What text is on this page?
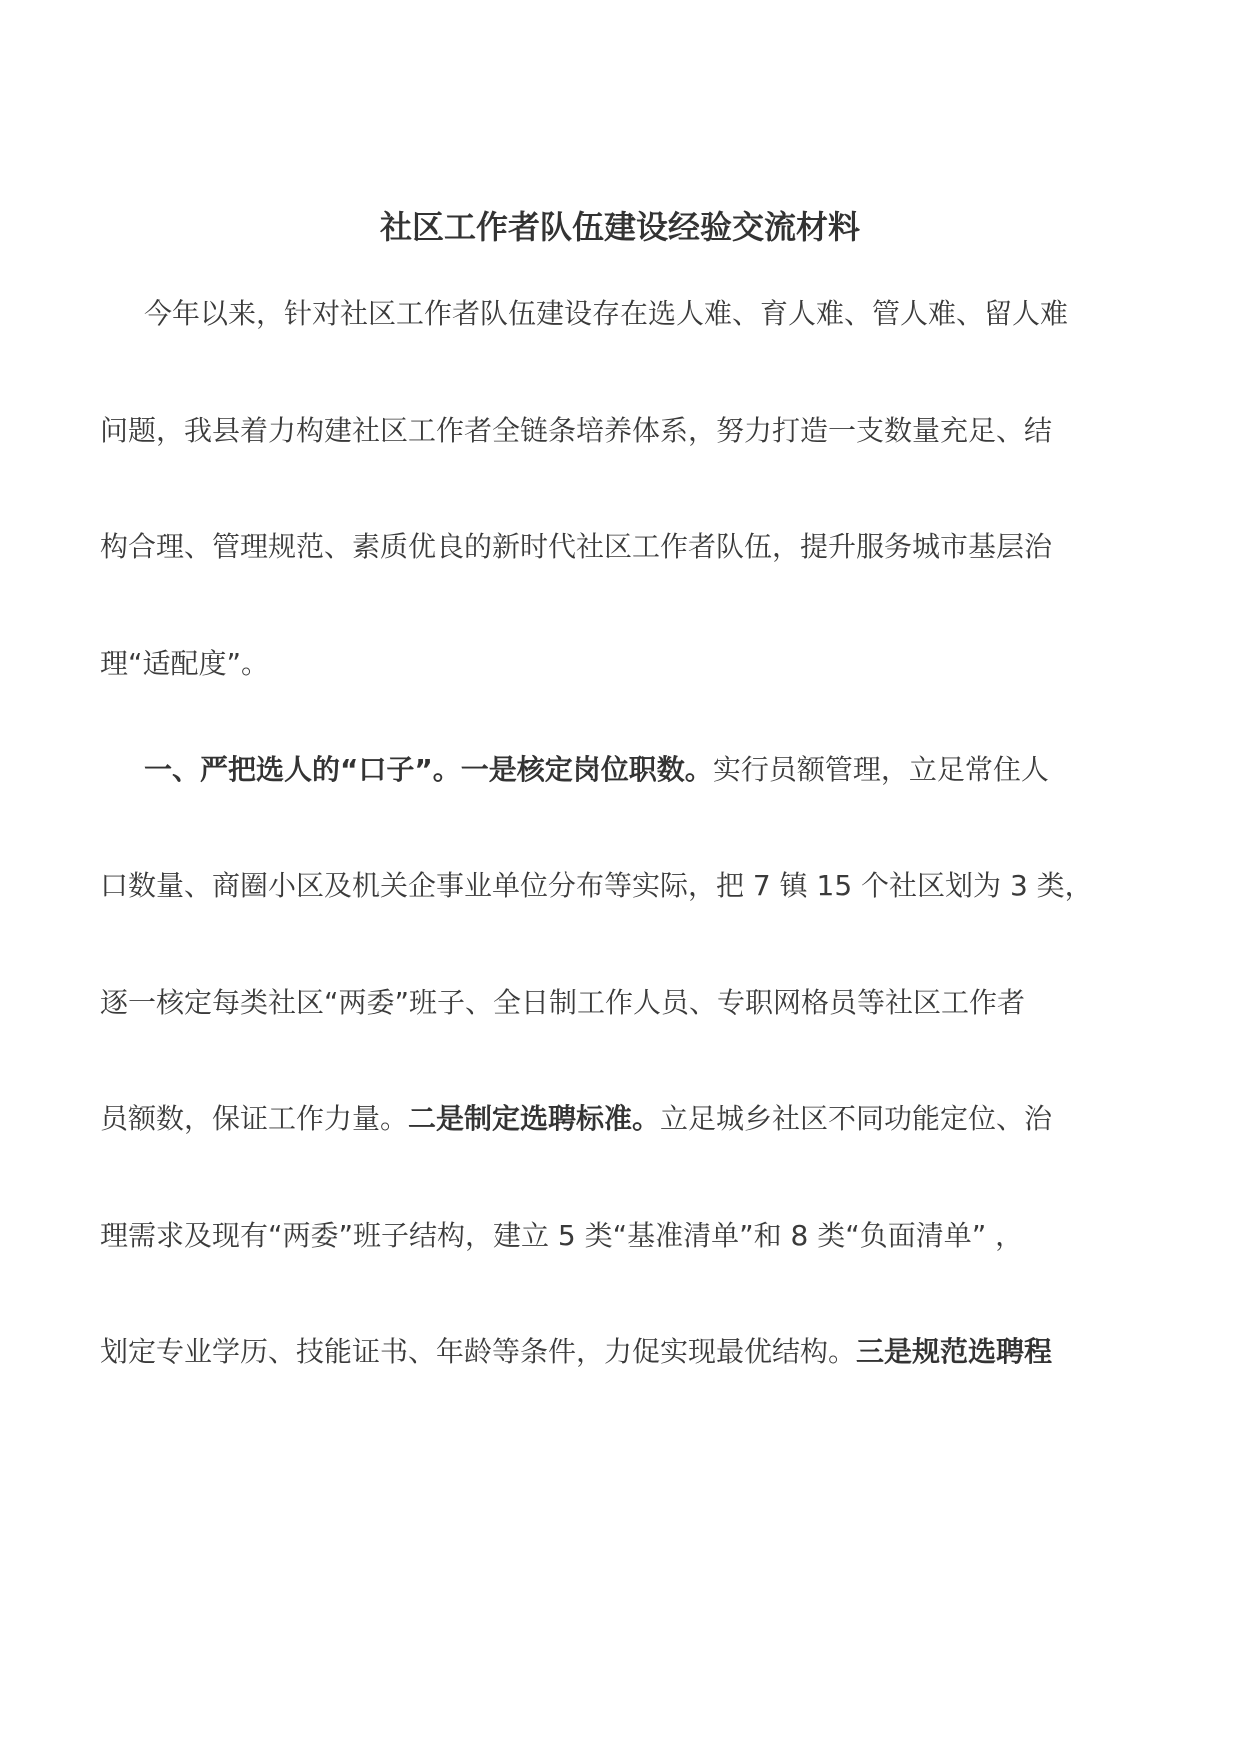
社区工作者队伍建设经验交流材料
今年以来，针对社区工作者队伍建设存在选人难、育人难、管人难、留人难
问题，我县着力构建社区工作者全链条培养体系，努力打造一支数量充足、结
构合理、管理规范、素质优良的新时代社区工作者队伍，提升服务城市基层治
理“适配度”。
一、严把选人的“口子”。一是核定岗位职数。实行员额管理，立足常住人
口数量、商圈小区及机关企事业单位分布等实际，把 7 镇 15 个社区划为 3 类，
逐一核定每类社区“两委”班子、全日制工作人员、专职网格员等社区工作者
员额数，保证工作力量。二是制定选聘标准。立足城乡社区不同功能定位、治
理需求及现有“两委”班子结构，建立 5 类“基准清单”和 8 类“负面清单” ，
划定专业学历、技能证书、年龄等条件，力促实现最优结构。三是规范选聘程
